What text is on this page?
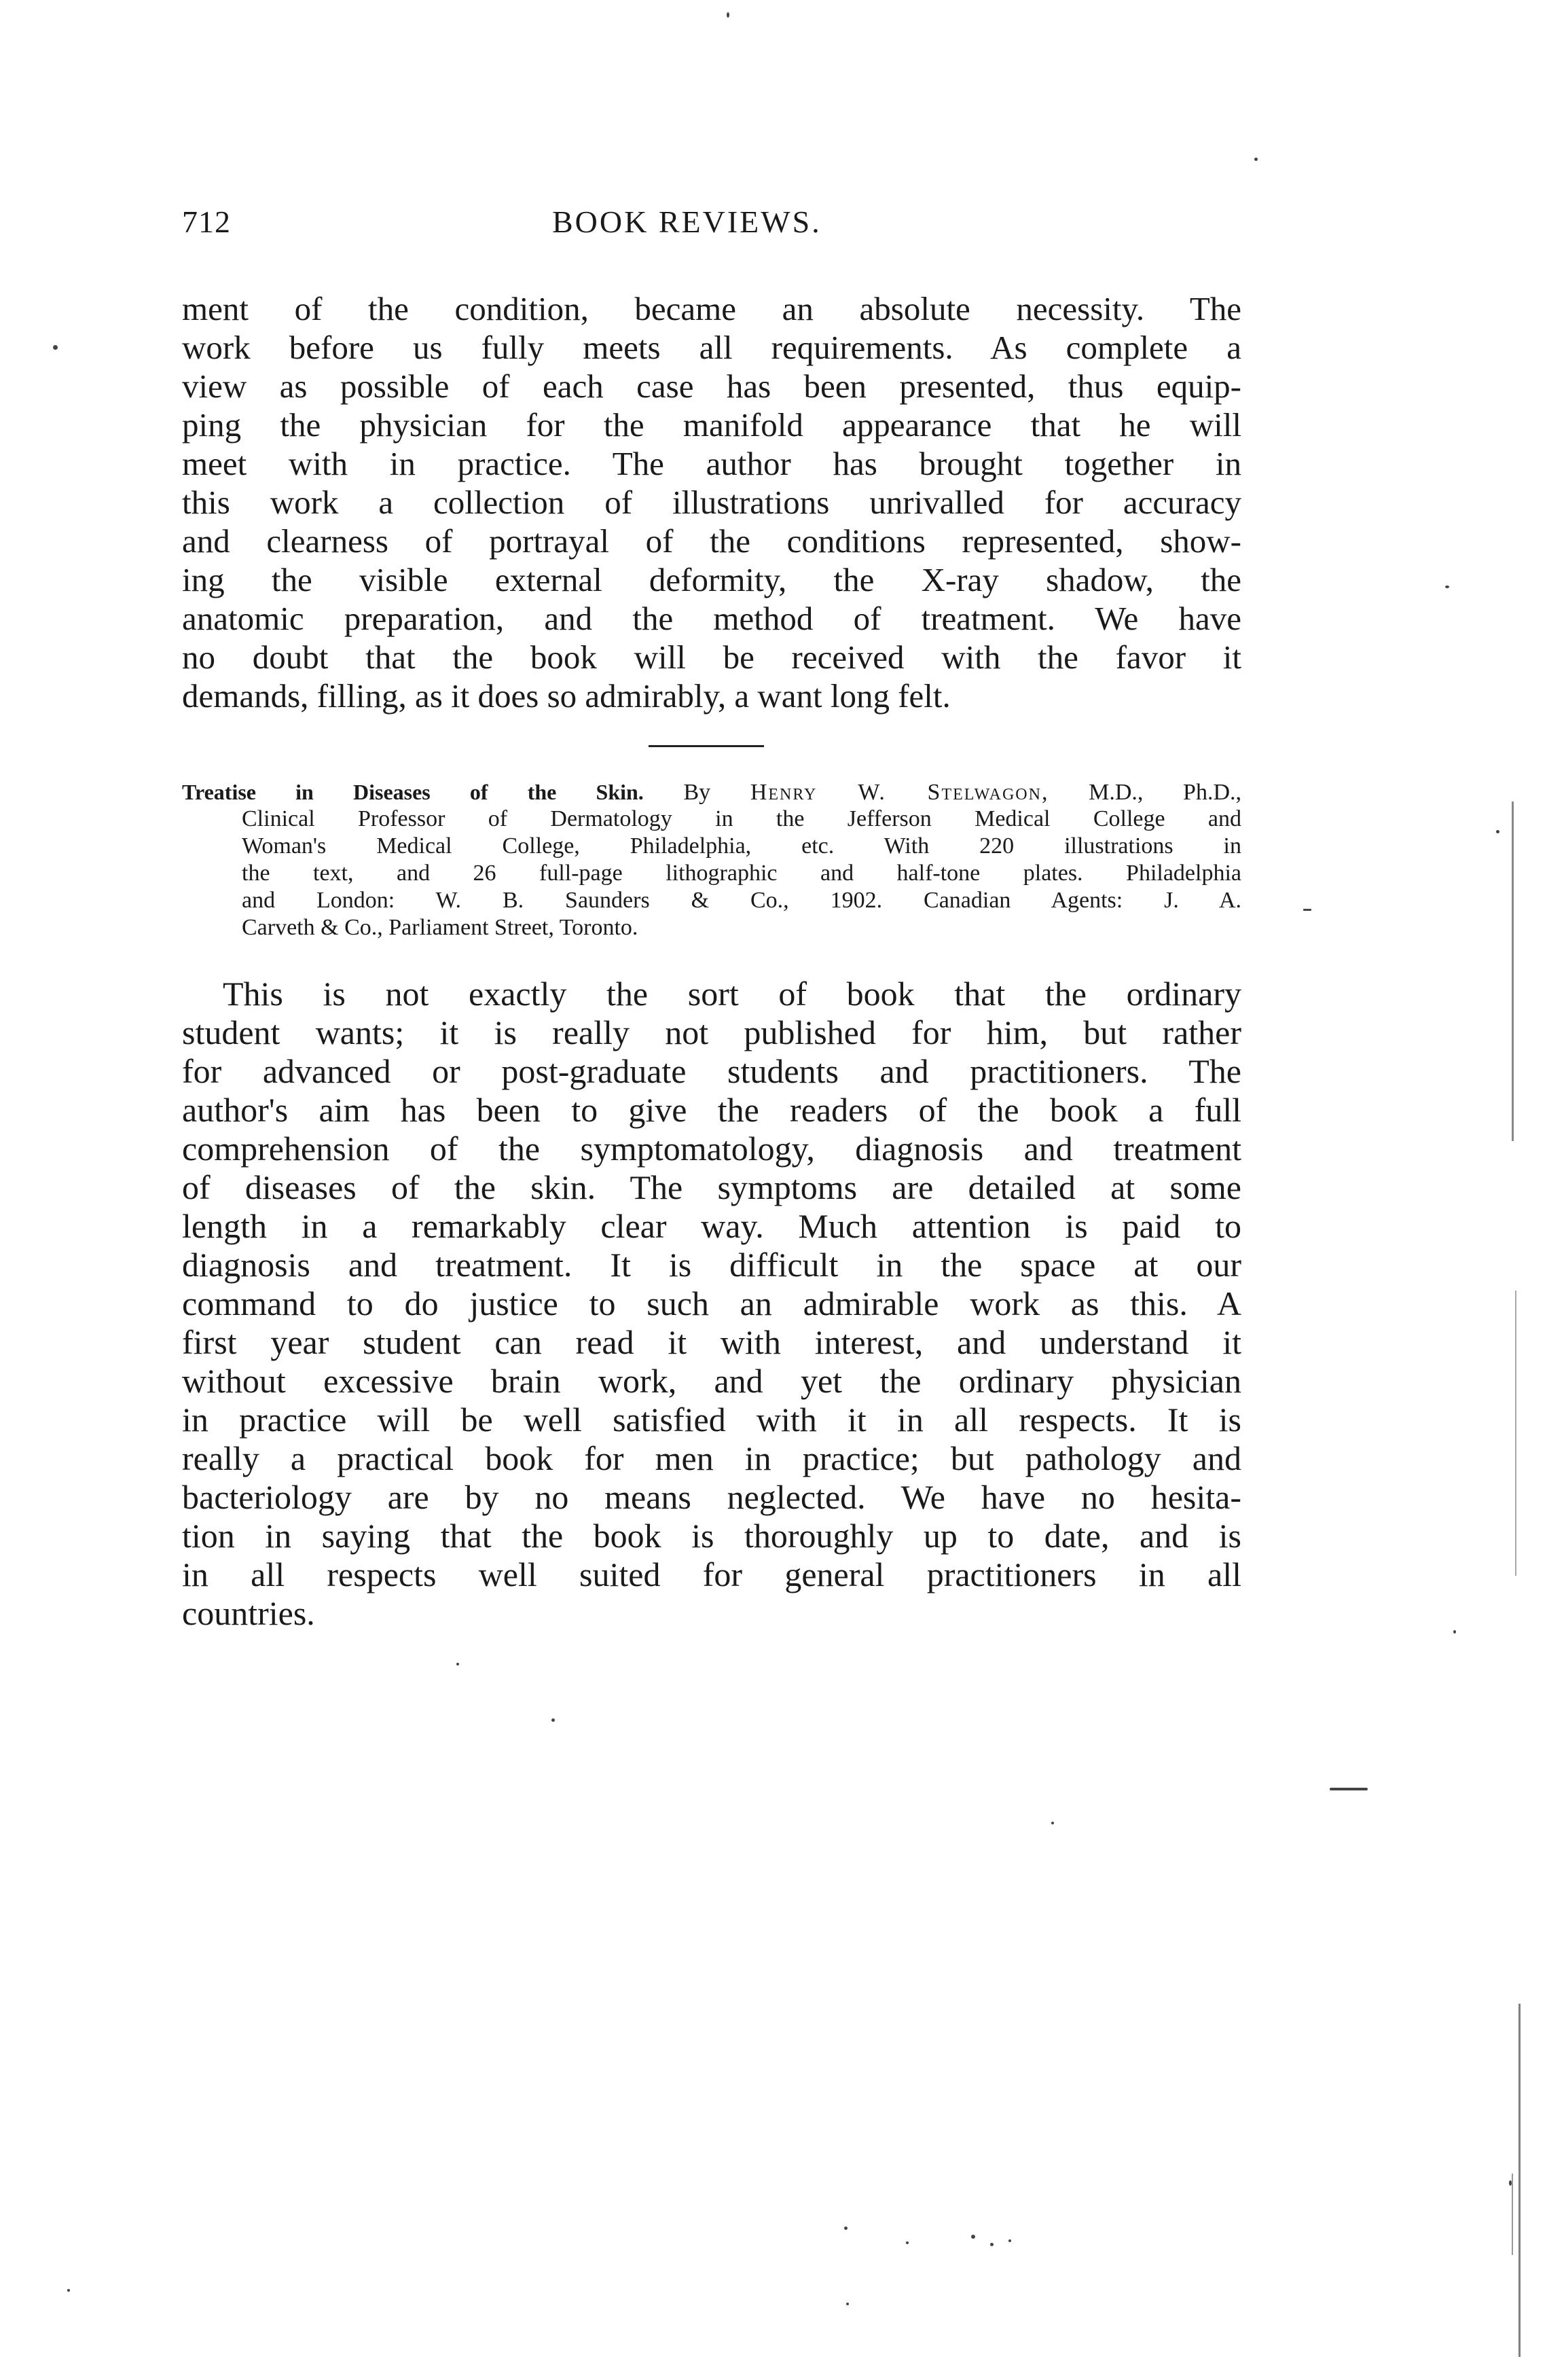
712	BOOK REVIEWS.
ment of the condition, became an absolute necessity. The
work before us fully meets all requirements. As complete a
view as possible of each case has been presented, thus equip-
ping the physician for the manifold appearance that he will
meet with in practice. The author has brought together in
this work a collection of illustrations unrivalled for accuracy
and clearness of portrayal of the conditions represented, show-
ing the visible external deformity, the X-ray shadow, the
anatomic preparation, and the method of treatment. We have
no doubt that the book will be received with the favor it
demands, filling, as it does so admirably, a want long felt.
Treatise in Diseases of the Skin. By Henry W. Stelwagon, M.D., Ph.D.,
Clinical Professor of Dermatology in the Jefferson Medical College and
Woman's Medical College, Philadelphia, etc. With 220 illustrations in
the text, and 26 full-page lithographic and half-tone plates. Philadelphia
and London: W. B. Saunders & Co., 1902. Canadian Agents: J. A.
Carveth & Co., Parliament Street, Toronto.
This is not exactly the sort of book that the ordinary
student wants; it is really not published for him, but rather
for advanced or post-graduate students and practitioners. The
author's aim has been to give the readers of the book a full
comprehension of the symptomatology, diagnosis and treatment
of diseases of the skin. The symptoms are detailed at some
length in a remarkably clear way. Much attention is paid to
diagnosis and treatment. It is difficult in the space at our
command to do justice to such an admirable work as this. A
first year student can read it with interest, and understand it
without excessive brain work, and yet the ordinary physician
in practice will be well satisfied with it in all respects. It is
really a practical book for men in practice; but pathology and
bacteriology are by no means neglected. We have no hesita-
tion in saying that the book is thoroughly up to date, and is
in all respects well suited for general practitioners in all
countries.
